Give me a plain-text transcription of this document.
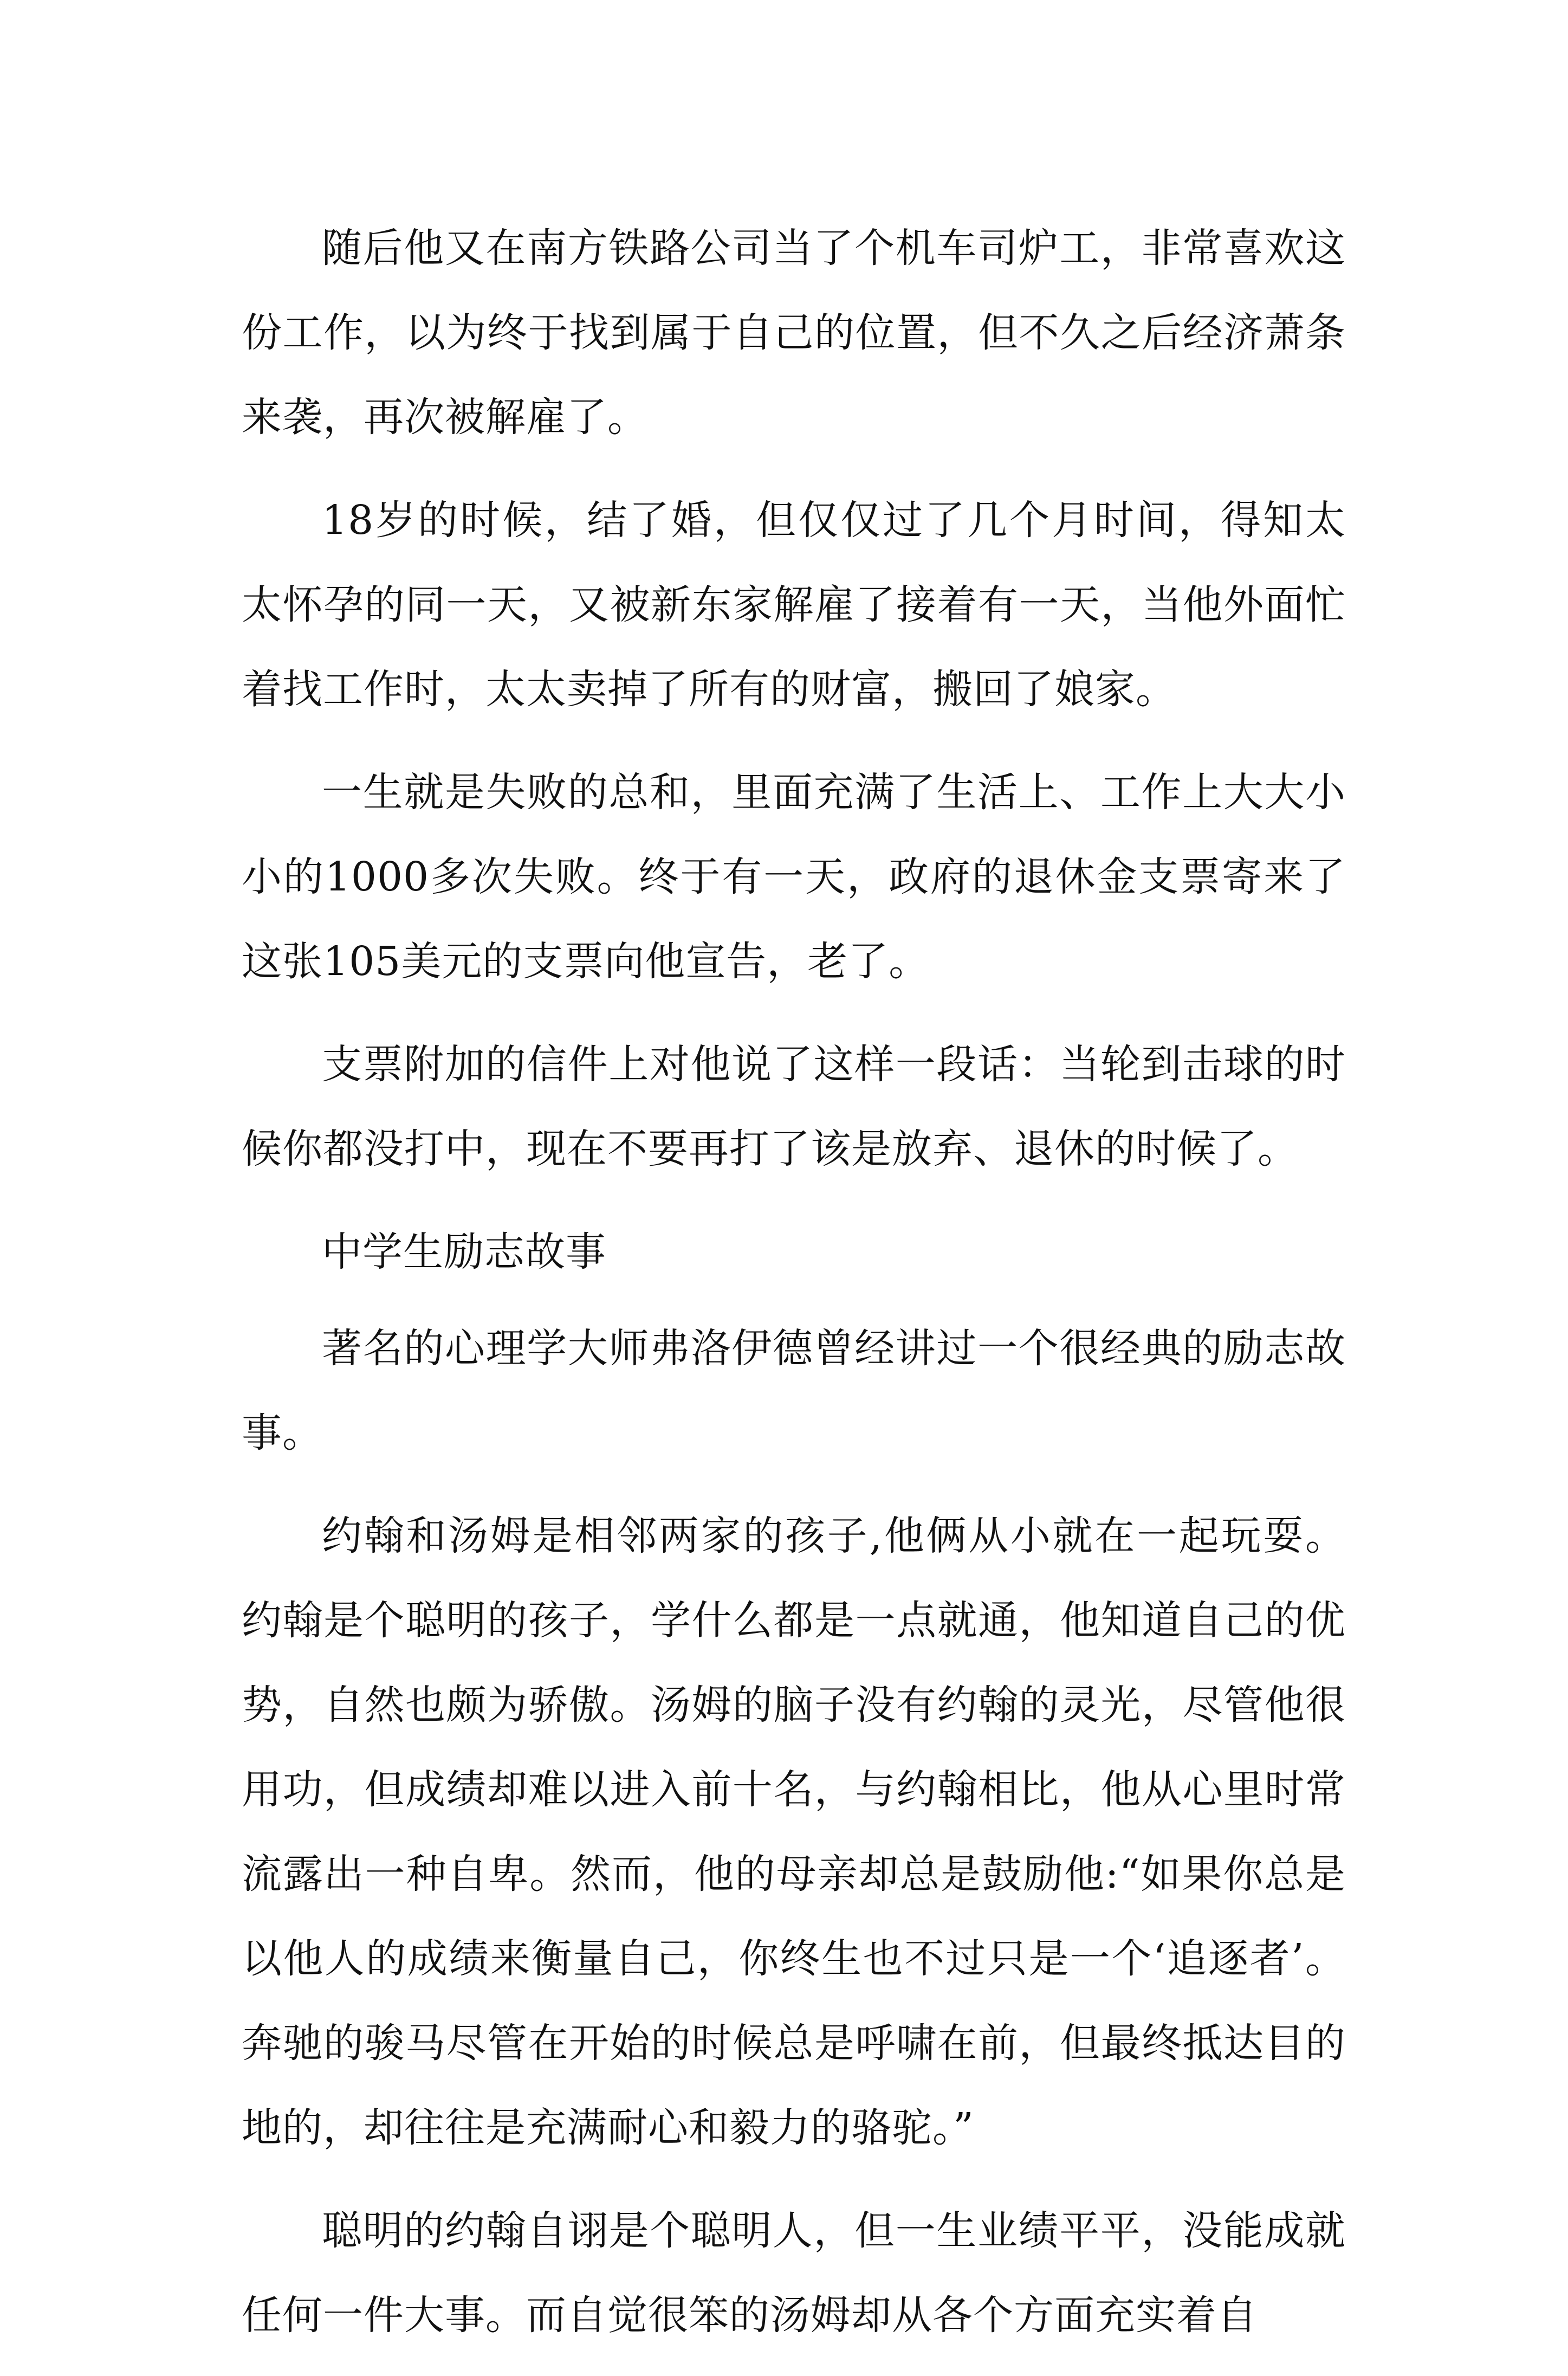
随后他又在南方铁路公司当了个机车司炉工，非常喜欢这份工作，以为终于找到属于自己的位置，但不久之后经济萧条来袭，再次被解雇了。

18岁的时候，结了婚，但仅仅过了几个月时间，得知太太怀孕的同一天，又被新东家解雇了接着有一天，当他外面忙着找工作时，太太卖掉了所有的财富，搬回了娘家。

一生就是失败的总和，里面充满了生活上、工作上大大小小的1000多次失败。终于有一天，政府的退休金支票寄来了这张105美元的支票向他宣告，老了。

支票附加的信件上对他说了这样一段话：当轮到击球的时候你都没打中，现在不要再打了该是放弃、退休的时候了。

中学生励志故事

著名的心理学大师弗洛伊德曾经讲过一个很经典的励志故事。

约翰和汤姆是相邻两家的孩子,他俩从小就在一起玩耍。约翰是个聪明的孩子，学什么都是一点就通，他知道自己的优势，自然也颇为骄傲。汤姆的脑子没有约翰的灵光，尽管他很用功，但成绩却难以进入前十名，与约翰相比，他从心里时常流露出一种自卑。然而，他的母亲却总是鼓励他:“如果你总是以他人的成绩来衡量自己，你终生也不过只是一个‘追逐者’。奔驰的骏马尽管在开始的时候总是呼啸在前，但最终抵达目的地的，却往往是充满耐心和毅力的骆驼。”

聪明的约翰自诩是个聪明人，但一生业绩平平，没能成就任何一件大事。而自觉很笨的汤姆却从各个方面充实着自
